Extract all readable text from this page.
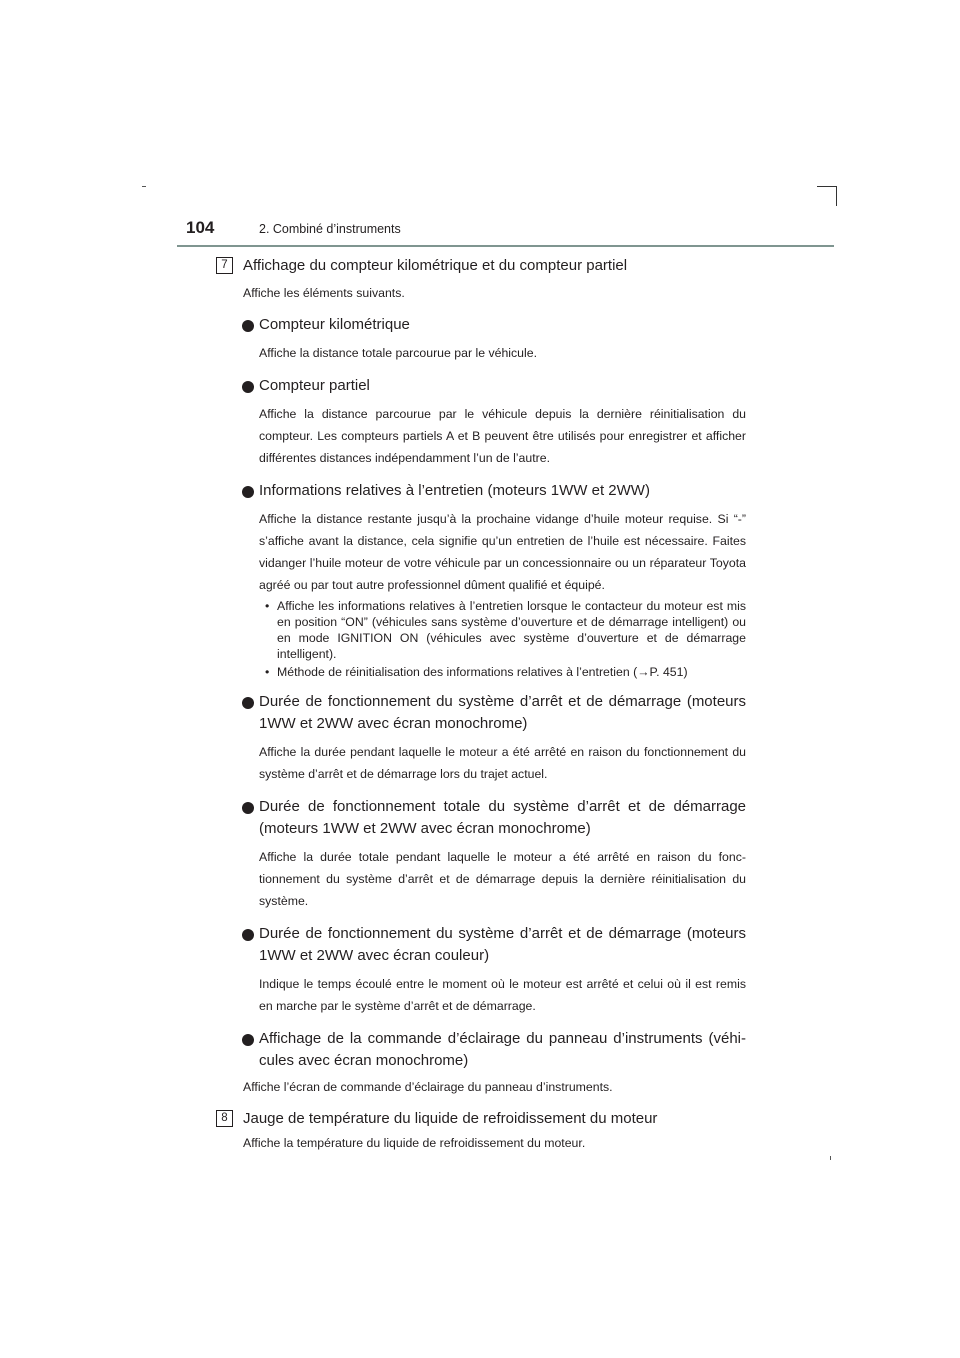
104	2. Combiné d’instruments
7	Affichage du compteur kilométrique et du compteur partiel
Affiche les éléments suivants.
Compteur kilométrique
Affiche la distance totale parcourue par le véhicule.
Compteur partiel
Affiche la distance parcourue par le véhicule depuis la dernière réinitialisation du compteur. Les compteurs partiels A et B peuvent être utilisés pour enregistrer et afficher différentes distances indépendamment l’un de l’autre.
Informations relatives à l’entretien (moteurs 1WW et 2WW)
Affiche la distance restante jusqu’à la prochaine vidange d’huile moteur requise. Si “-” s’affiche avant la distance, cela signifie qu’un entretien de l’huile est nécessaire. Faites vidanger l’huile moteur de votre véhicule par un concessionnaire ou un réparateur Toyota agréé ou par tout autre professionnel dûment qualifié et équipé.
• Affiche les informations relatives à l’entretien lorsque le contacteur du moteur est mis en position “ON” (véhicules sans système d’ouverture et de démarrage intelligent) ou en mode IGNITION ON (véhicules avec système d’ouverture et de démarrage intelligent).
• Méthode de réinitialisation des informations relatives à l’entretien (→P. 451)
Durée de fonctionnement du système d’arrêt et de démarrage (moteurs 1WW et 2WW avec écran monochrome)
Affiche la durée pendant laquelle le moteur a été arrêté en raison du fonctionnement du système d’arrêt et de démarrage lors du trajet actuel.
Durée de fonctionnement totale du système d’arrêt et de démarrage (moteurs 1WW et 2WW avec écran monochrome)
Affiche la durée totale pendant laquelle le moteur a été arrêté en raison du fonctionnement du système d’arrêt et de démarrage depuis la dernière réinitialisation du système.
Durée de fonctionnement du système d’arrêt et de démarrage (moteurs 1WW et 2WW avec écran couleur)
Indique le temps écoulé entre le moment où le moteur est arrêté et celui où il est remis en marche par le système d’arrêt et de démarrage.
Affichage de la commande d’éclairage du panneau d’instruments (véhicules avec écran monochrome)
Affiche l’écran de commande d’éclairage du panneau d’instruments.
8	Jauge de température du liquide de refroidissement du moteur
Affiche la température du liquide de refroidissement du moteur.
